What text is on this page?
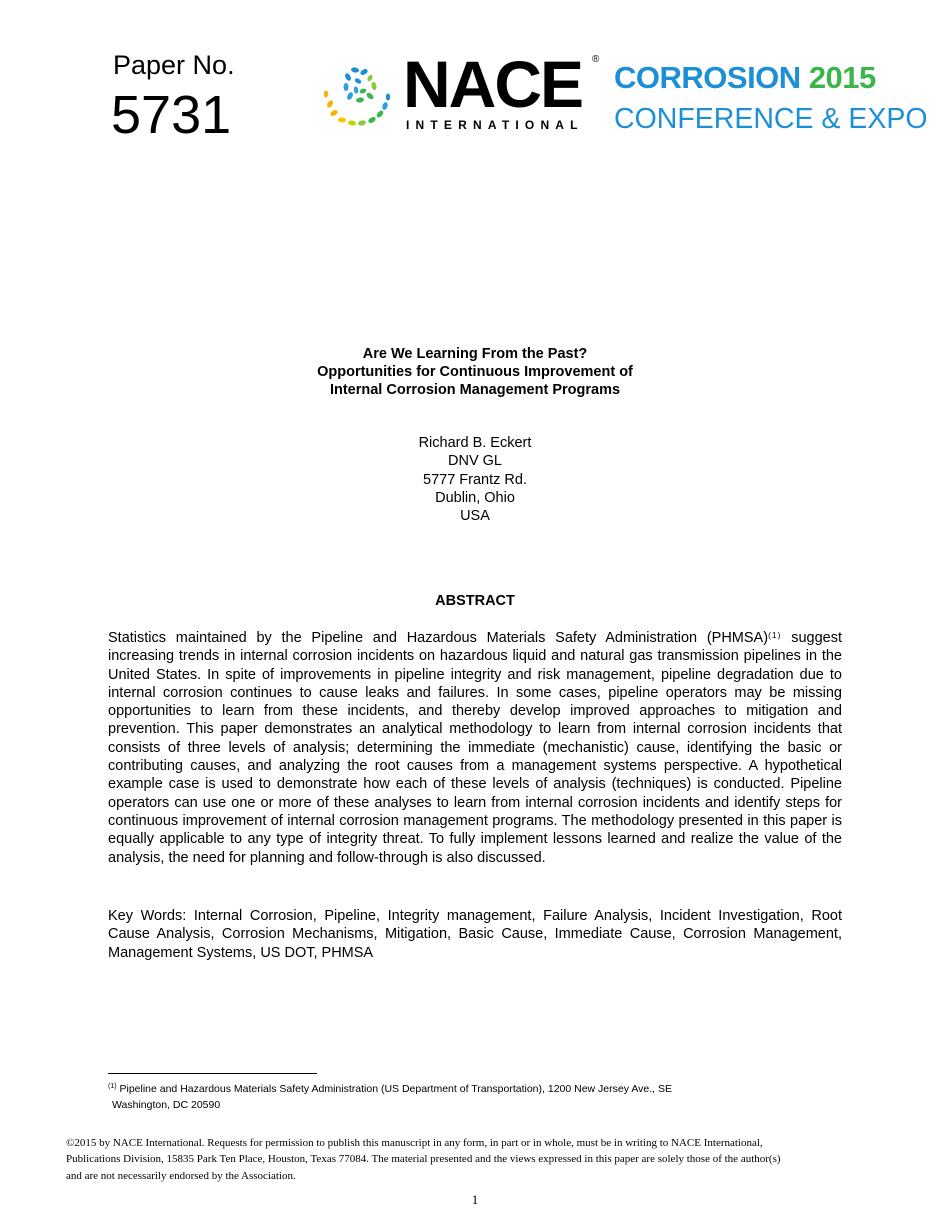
Paper No.
5731	NACE ®
INTERNATIONAL
CORROSION 2015
CONFERENCE & EXPO
Are We Learning From the Past?
Opportunities for Continuous Improvement of
Internal Corrosion Management Programs
Richard B. Eckert
DNV GL
5777 Frantz Rd.
Dublin, Ohio
USA
ABSTRACT
Statistics maintained by the Pipeline and Hazardous Materials Safety Administration (PHMSA)$^{(1)}$ suggest increasing trends in internal corrosion incidents on hazardous liquid and natural gas transmission pipelines in the United States. In spite of improvements in pipeline integrity and risk management, pipeline degradation due to internal corrosion continues to cause leaks and failures. In some cases, pipeline operators may be missing opportunities to learn from these incidents, and thereby develop improved approaches to mitigation and prevention. This paper demonstrates an analytical methodology to learn from internal corrosion incidents that consists of three levels of analysis; determining the immediate (mechanistic) cause, identifying the basic or contributing causes, and analyzing the root causes from a management systems perspective. A hypothetical example case is used to demonstrate how each of these levels of analysis (techniques) is conducted. Pipeline operators can use one or more of these analyses to learn from internal corrosion incidents and identify steps for continuous improvement of internal corrosion management programs. The methodology presented in this paper is equally applicable to any type of integrity threat. To fully implement lessons learned and realize the value of the analysis, the need for planning and follow-through is also discussed.
Key Words: Internal Corrosion, Pipeline, Integrity management, Failure Analysis, Incident Investigation, Root Cause Analysis, Corrosion Mechanisms, Mitigation, Basic Cause, Immediate Cause, Corrosion Management, Management Systems, US DOT, PHMSA
$^{(1)}$ Pipeline and Hazardous Materials Safety Administration (US Department of Transportation), 1200 New Jersey Ave., SE
Washington, DC 20590
©2015 by NACE International. Requests for permission to publish this manuscript in any form, in part or in whole, must be in writing to NACE International, Publications Division, 15835 Park Ten Place, Houston, Texas 77084. The material presented and the views expressed in this paper are solely those of the author(s) and are not necessarily endorsed by the Association.
1
